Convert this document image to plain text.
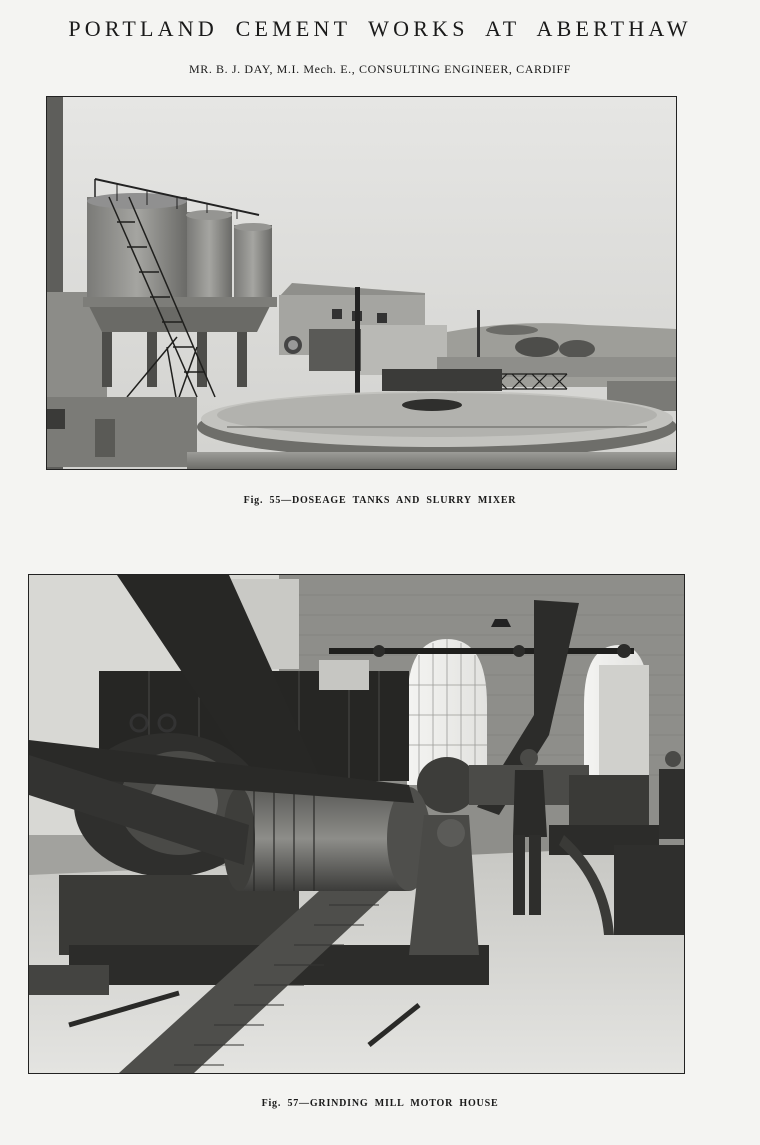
PORTLAND CEMENT WORKS AT ABERTHAW
MR. B. J. DAY, M.I. Mech. E., CONSULTING ENGINEER, CARDIFF
Fig. 55—DOSEAGE TANKS AND SLURRY MIXER
Fig. 57—GRINDING MILL MOTOR HOUSE
